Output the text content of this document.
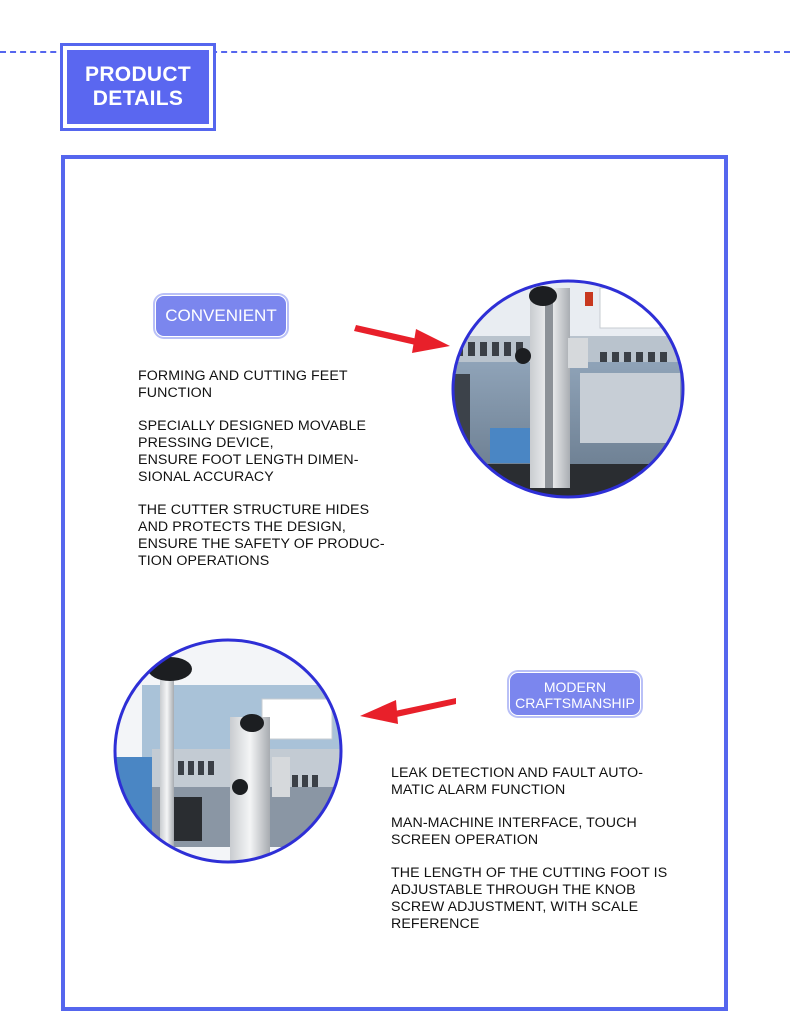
PRODUCT
DETAILS
CONVENIENT
FORMING AND CUTTING FEET
FUNCTION
SPECIALLY DESIGNED MOVABLE
PRESSING DEVICE,
ENSURE FOOT LENGTH DIMEN-
SIONAL ACCURACY
THE CUTTER STRUCTURE HIDES
AND PROTECTS THE DESIGN,
ENSURE THE SAFETY OF PRODUC-
TION OPERATIONS
MODERN
CRAFTSMANSHIP
LEAK DETECTION AND FAULT AUTO-
MATIC ALARM FUNCTION
MAN-MACHINE INTERFACE, TOUCH
SCREEN OPERATION
THE LENGTH OF THE CUTTING FOOT IS
ADJUSTABLE THROUGH THE KNOB
SCREW ADJUSTMENT, WITH SCALE
REFERENCE
